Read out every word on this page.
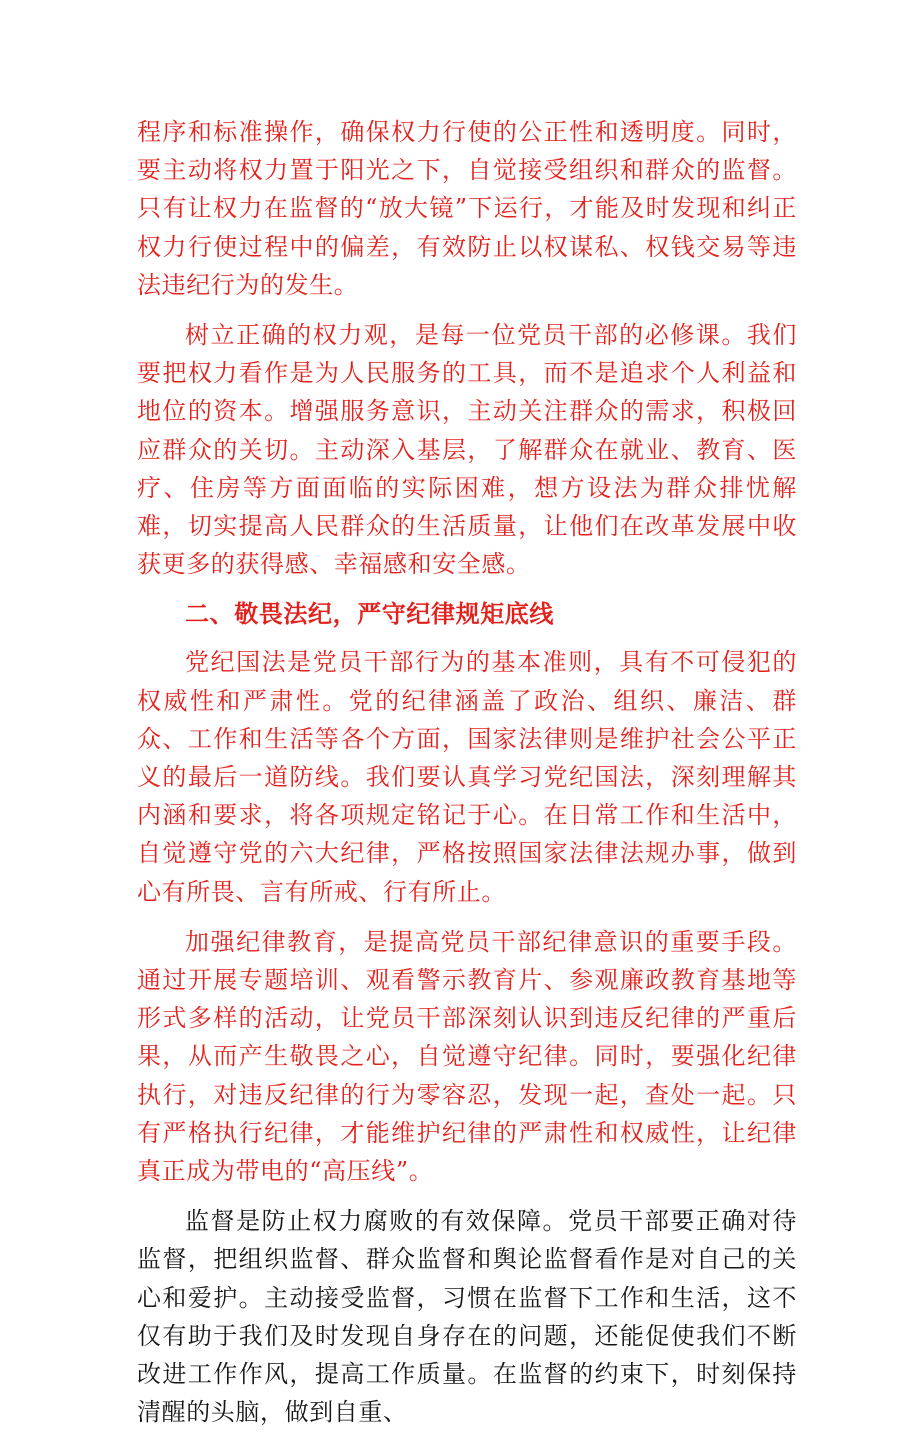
程序和标准操作，确保权力行使的公正性和透明度。同时，要主动将权力置于阳光之下，自觉接受组织和群众的监督。只有让权力在监督的“放大镜”下运行，才能及时发现和纠正权力行使过程中的偏差，有效防止以权谋私、权钱交易等违法违纪行为的发生。

树立正确的权力观，是每一位党员干部的必修课。我们要把权力看作是为人民服务的工具，而不是追求个人利益和地位的资本。增强服务意识，主动关注群众的需求，积极回应群众的关切。主动深入基层，了解群众在就业、教育、医疗、住房等方面面临的实际困难，想方设法为群众排忧解难，切实提高人民群众的生活质量，让他们在改革发展中收获更多的获得感、幸福感和安全感。

二、敬畏法纪，严守纪律规矩底线

党纪国法是党员干部行为的基本准则，具有不可侵犯的权威性和严肃性。党的纪律涵盖了政治、组织、廉洁、群众、工作和生活等各个方面，国家法律则是维护社会公平正义的最后一道防线。我们要认真学习党纪国法，深刻理解其内涵和要求，将各项规定铭记于心。在日常工作和生活中，自觉遵守党的六大纪律，严格按照国家法律法规办事，做到心有所畏、言有所戒、行有所止。

加强纪律教育，是提高党员干部纪律意识的重要手段。通过开展专题培训、观看警示教育片、参观廉政教育基地等形式多样的活动，让党员干部深刻认识到违反纪律的严重后果，从而产生敬畏之心，自觉遵守纪律。同时，要强化纪律执行，对违反纪律的行为零容忍，发现一起，查处一起。只有严格执行纪律，才能维护纪律的严肃性和权威性，让纪律真正成为带电的“高压线”。

监督是防止权力腐败的有效保障。党员干部要正确对待监督，把组织监督、群众监督和舆论监督看作是对自己的关心和爱护。主动接受监督，习惯在监督下工作和生活，这不仅有助于我们及时发现自身存在的问题，还能促使我们不断改进工作作风，提高工作质量。在监督的约束下，时刻保持清醒的头脑，做到自重、
